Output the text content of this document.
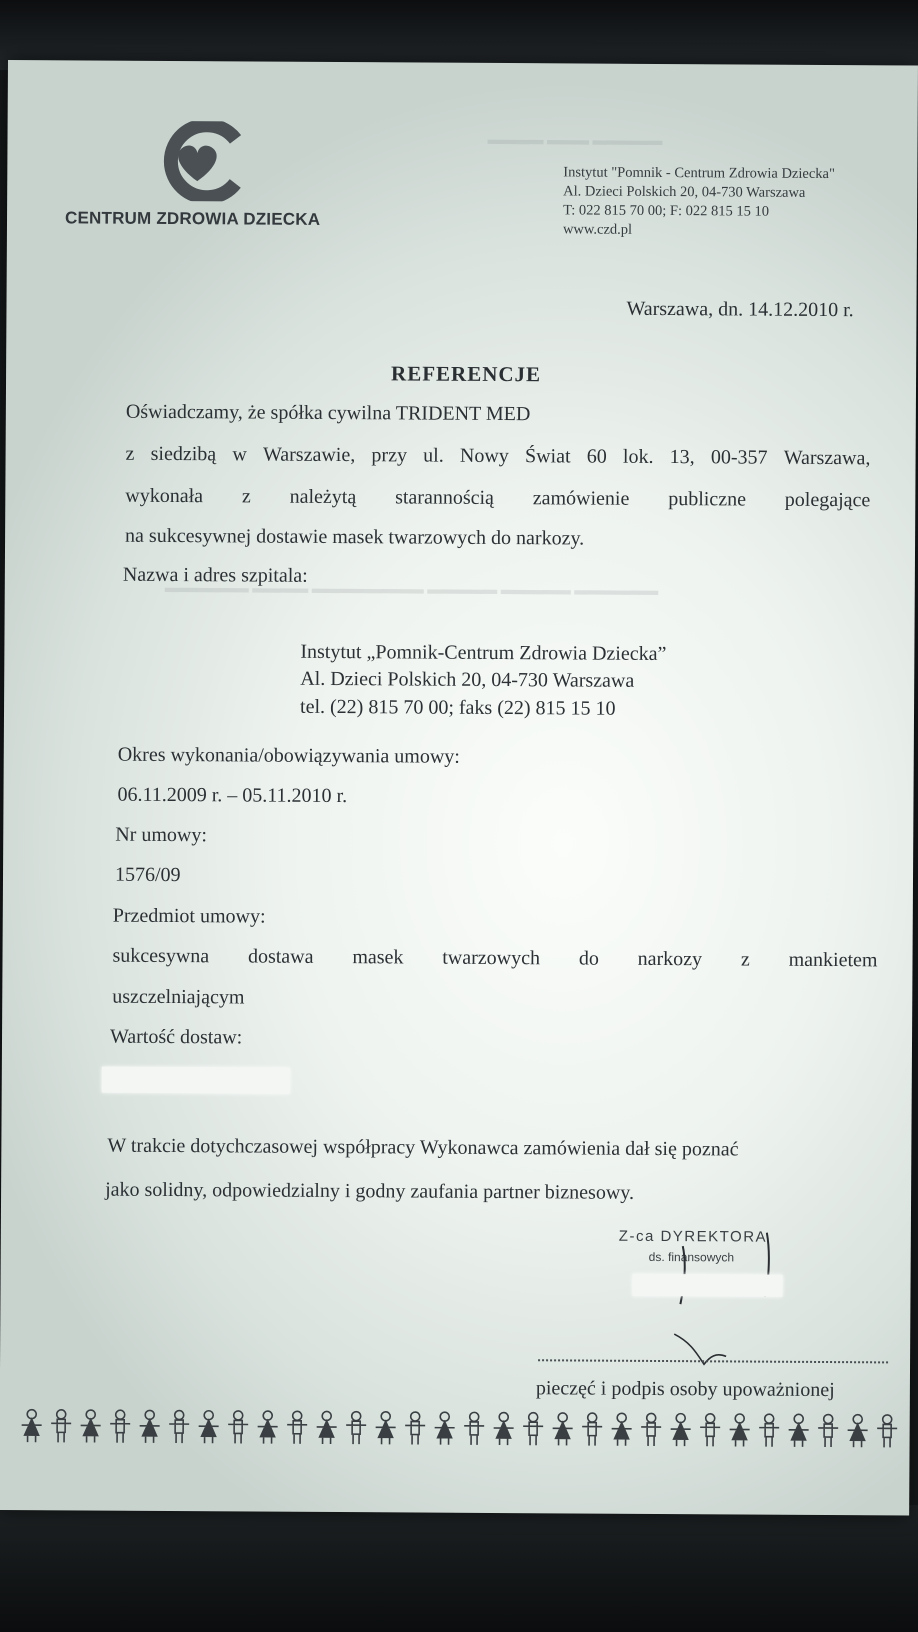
▬▬▬▬ ▬▬▬ ▬▬▬▬▬
▬▬▬▬▬▬ ▬▬▬▬ ▬▬▬▬▬▬▬▬ ▬▬▬▬▬ ▬▬▬▬▬ ▬▬▬▬▬▬
CENTRUM ZDROWIA DZIECKA
Instytut "Pomnik - Centrum Zdrowia Dziecka"
Al. Dzieci Polskich 20, 04-730 Warszawa
T: 022 815 70 00; F: 022 815 15 10
www.czd.pl
Warszawa, dn. 14.12.2010 r.
REFERENCJE
Oświadczamy, że spółka cywilna TRIDENT MED
z siedzibą w Warszawie, przy ul. Nowy Świat 60 lok. 13, 00-357 Warszawa,
wykonała z należytą starannością zamówienie publiczne polegające
na sukcesywnej dostawie masek twarzowych do narkozy.
Nazwa i adres szpitala:
Instytut „Pomnik-Centrum Zdrowia Dziecka”
Al. Dzieci Polskich 20, 04-730 Warszawa
tel. (22) 815 70 00; faks (22) 815 15 10
Okres wykonania/obowiązywania umowy:
06.11.2009 r. – 05.11.2010 r.
Nr umowy:
1576/09
Przedmiot umowy:
sukcesywna dostawa masek twarzowych do narkozy z mankietem
uszczelniającym
Wartość dostaw:
W trakcie dotychczasowej współpracy Wykonawca zamówienia dał się poznać
jako solidny, odpowiedzialny i godny zaufania partner biznesowy.
Z-ca DYREKTORA
ds. finansowych
pieczęć i podpis osoby upoważnionej
